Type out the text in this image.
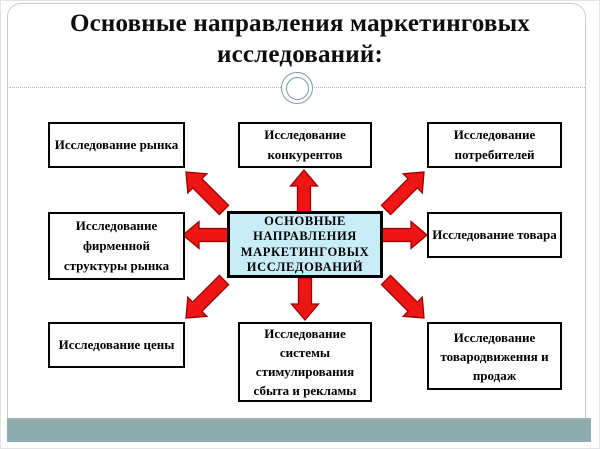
Основные направления маркетинговых исследований:
Исследование рынка
Исследование конкурентов
Исследование потребителей
Исследование фирменной структуры рынка
ОСНОВНЫЕ НАПРАВЛЕНИЯ МАРКЕТИНГОВЫХ ИССЛЕДОВАНИЙ
Исследование товара
Исследование цены
Исследование системы стимулирования сбыта и рекламы
Исследование товародвижения и продаж
